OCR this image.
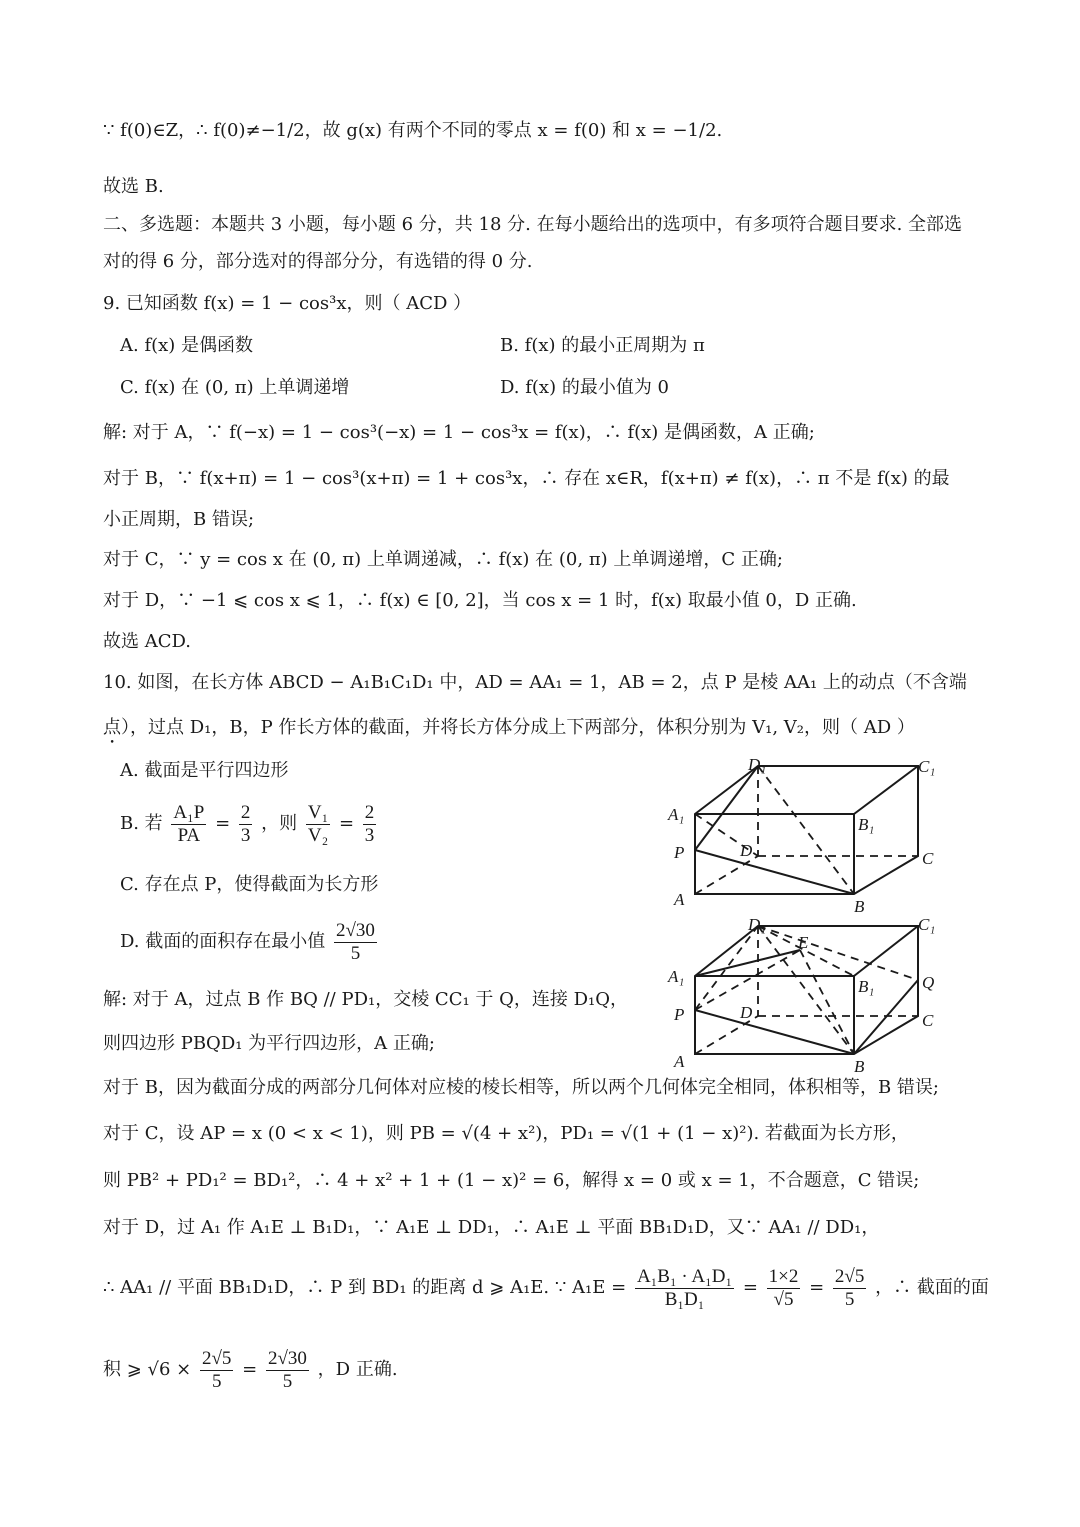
∵ f(0)∈Z，∴ f(0)≠−1/2，故 g(x) 有两个不同的零点 x = f(0) 和 x = −1/2.
故选 B.
二、多选题：本题共 3 小题，每小题 6 分，共 18 分. 在每小题给出的选项中，有多项符合题目要求. 全部选
对的得 6 分，部分选对的得部分分，有选错的得 0 分.
9. 已知函数 f(x) = 1 − cos³x，则（ ACD ）
A. f(x) 是偶函数	B. f(x) 的最小正周期为 π
C. f(x) 在 (0, π) 上单调递增	D. f(x) 的最小值为 0
解: 对于 A，∵ f(−x) = 1 − cos³(−x) = 1 − cos³x = f(x)，∴ f(x) 是偶函数，A 正确;
对于 B，∵ f(x+π) = 1 − cos³(x+π) = 1 + cos³x，∴ 存在 x∈R，f(x+π) ≠ f(x)，∴ π 不是 f(x) 的最
小正周期，B 错误;
对于 C，∵ y = cos x 在 (0, π) 上单调递减，∴ f(x) 在 (0, π) 上单调递增，C 正确;
对于 D，∵ −1 ⩽ cos x ⩽ 1，∴ f(x) ∈ [0, 2]，当 cos x = 1 时，f(x) 取最小值 0，D 正确.
故选 ACD.
10. 如图，在长方体 ABCD − A₁B₁C₁D₁ 中，AD = AA₁ = 1，AB = 2，点 P 是棱 AA₁ 上的动点（不含端
点），过点 D₁，B，P 作长方体的截面，并将长方体分成上下两部分，体积分别为 V₁, V₂，则（ AD ）
A. 截面是平行四边形
B. 若 $\frac{\text{A₁P}}{PA} = \frac{2}{3}$ ，则 $\frac{\text{V₁}}{\text{V₂}} = \frac{2}{3}$
C. 存在点 P，使得截面为长方形
D. 截面的面积存在最小值 $\frac{2√30}{5}$
解: 对于 A，过点 B 作 BQ // PD₁，交棱 CC₁ 于 Q，连接 D₁Q，
则四边形 PBQD₁ 为平行四边形，A 正确;
对于 B，因为截面分成的两部分几何体对应棱的棱长相等，所以两个几何体完全相同，体积相等，B 错误;
对于 C，设 AP = x (0 < x < 1)，则 PB = √(4 + x²)，PD₁ = √(1 + (1 − x)²). 若截面为长方形，
则 PB² + PD₁² = BD₁²，∴ 4 + x² + 1 + (1 − x)² = 6，解得 x = 0 或 x = 1，不合题意，C 错误;
对于 D，过 A₁ 作 A₁E ⊥ B₁D₁，∵ A₁E ⊥ DD₁，∴ A₁E ⊥ 平面 BB₁D₁D，又∵ AA₁ // DD₁，
∴ AA₁ // 平面 BB₁D₁D，∴ P 到 BD₁ 的距离 d ⩾ A₁E. ∵ $A_1E = \frac{\text{A₁B₁ · A₁D₁}}{\text{B₁D₁}} = \frac{1\times 2}{√5} = \frac{2√5}{5}$ ，∴ 截面的面
积 ⩾ $√6 \times \frac{2√5}{5} = \frac{2√30}{5}$ ，D 正确.
D₁	C₁
A₁
B₁
P	D	C
A	B
D₁	C₁
E
A₁
B₁	Q
P	D	C
A	B
